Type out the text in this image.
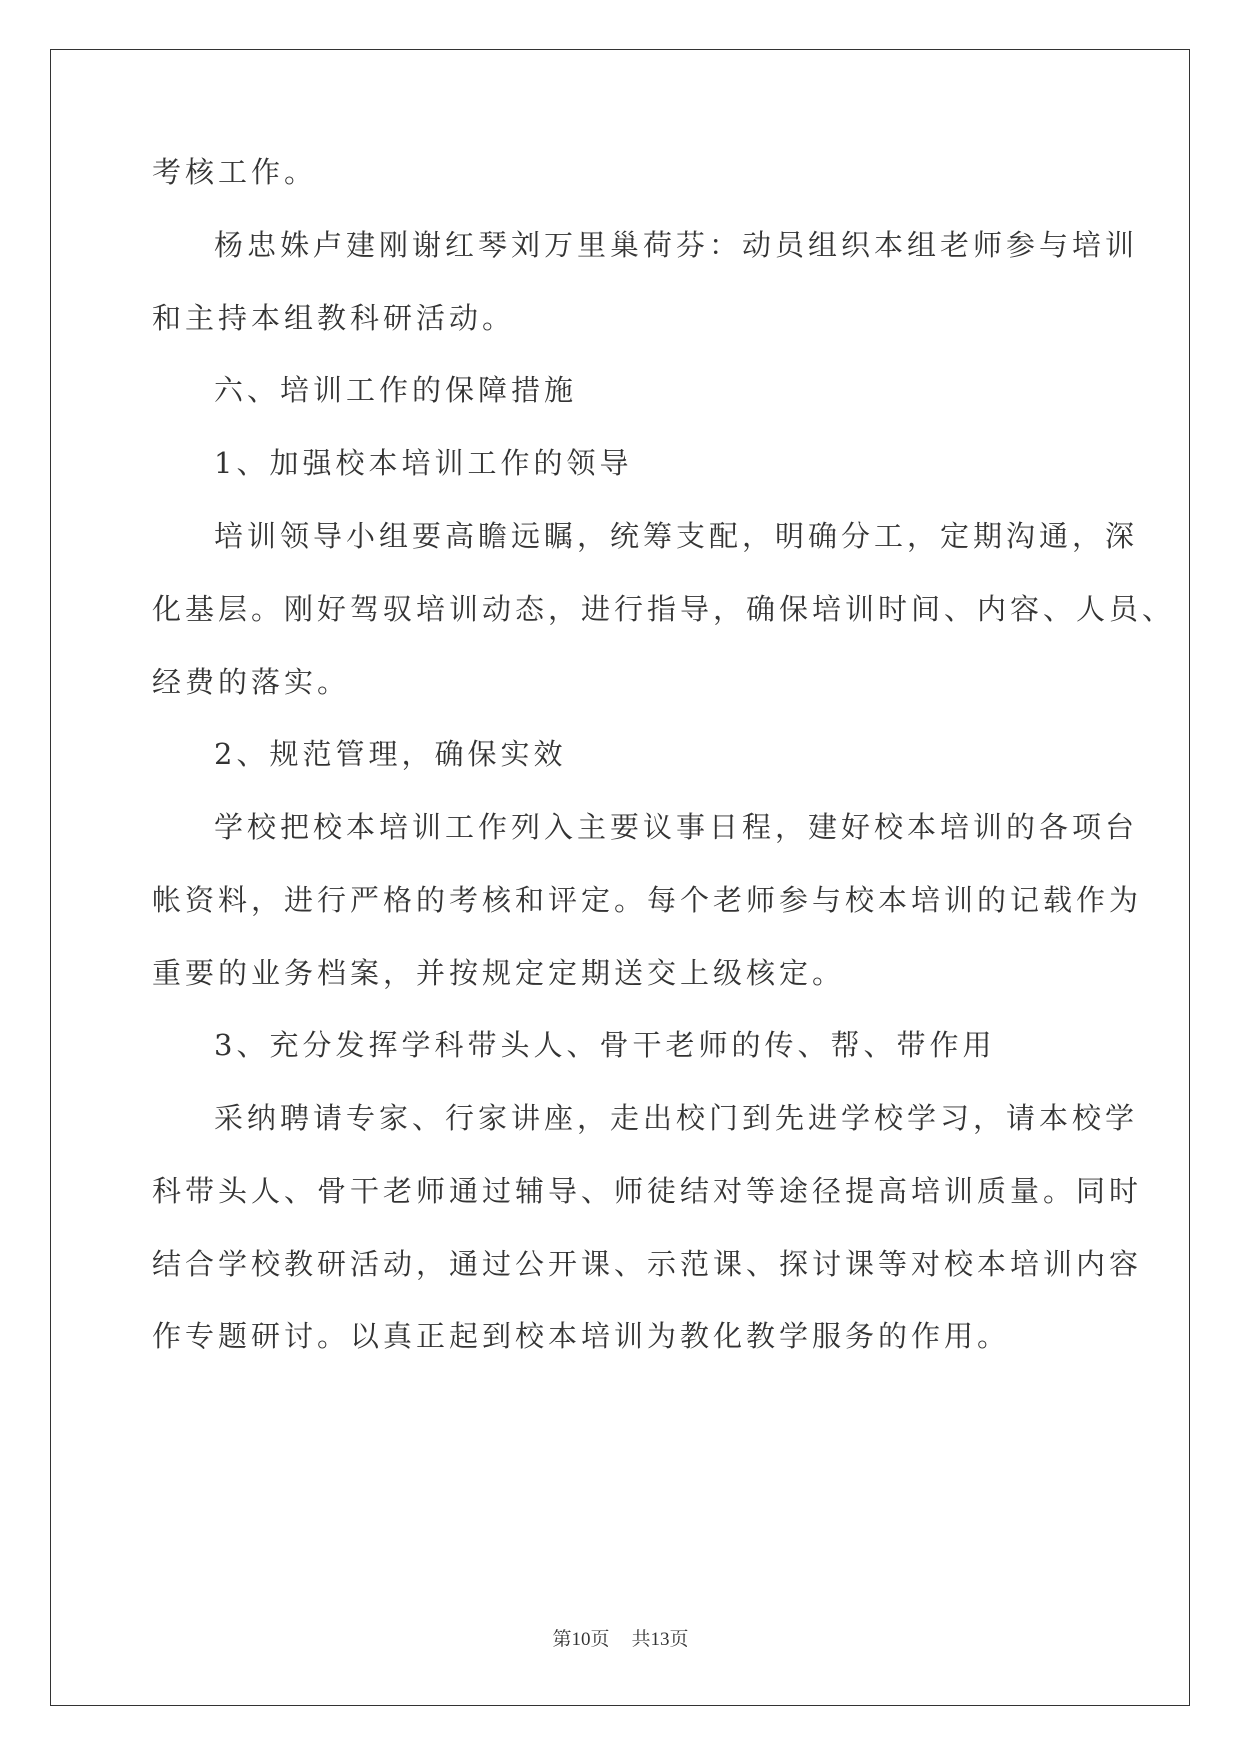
考核工作。
杨忠姝卢建刚谢红琴刘万里巢荷芬：动员组织本组老师参与培训
和主持本组教科研活动。
六、培训工作的保障措施
1、加强校本培训工作的领导
培训领导小组要高瞻远瞩，统筹支配，明确分工，定期沟通，深
化基层。刚好驾驭培训动态，进行指导，确保培训时间、内容、人员、
经费的落实。
2、规范管理，确保实效
学校把校本培训工作列入主要议事日程，建好校本培训的各项台
帐资料，进行严格的考核和评定。每个老师参与校本培训的记载作为
重要的业务档案，并按规定定期送交上级核定。
3、充分发挥学科带头人、骨干老师的传、帮、带作用
采纳聘请专家、行家讲座，走出校门到先进学校学习，请本校学
科带头人、骨干老师通过辅导、师徒结对等途径提高培训质量。同时
结合学校教研活动，通过公开课、示范课、探讨课等对校本培训内容
作专题研讨。以真正起到校本培训为教化教学服务的作用。
第10页 共13页
